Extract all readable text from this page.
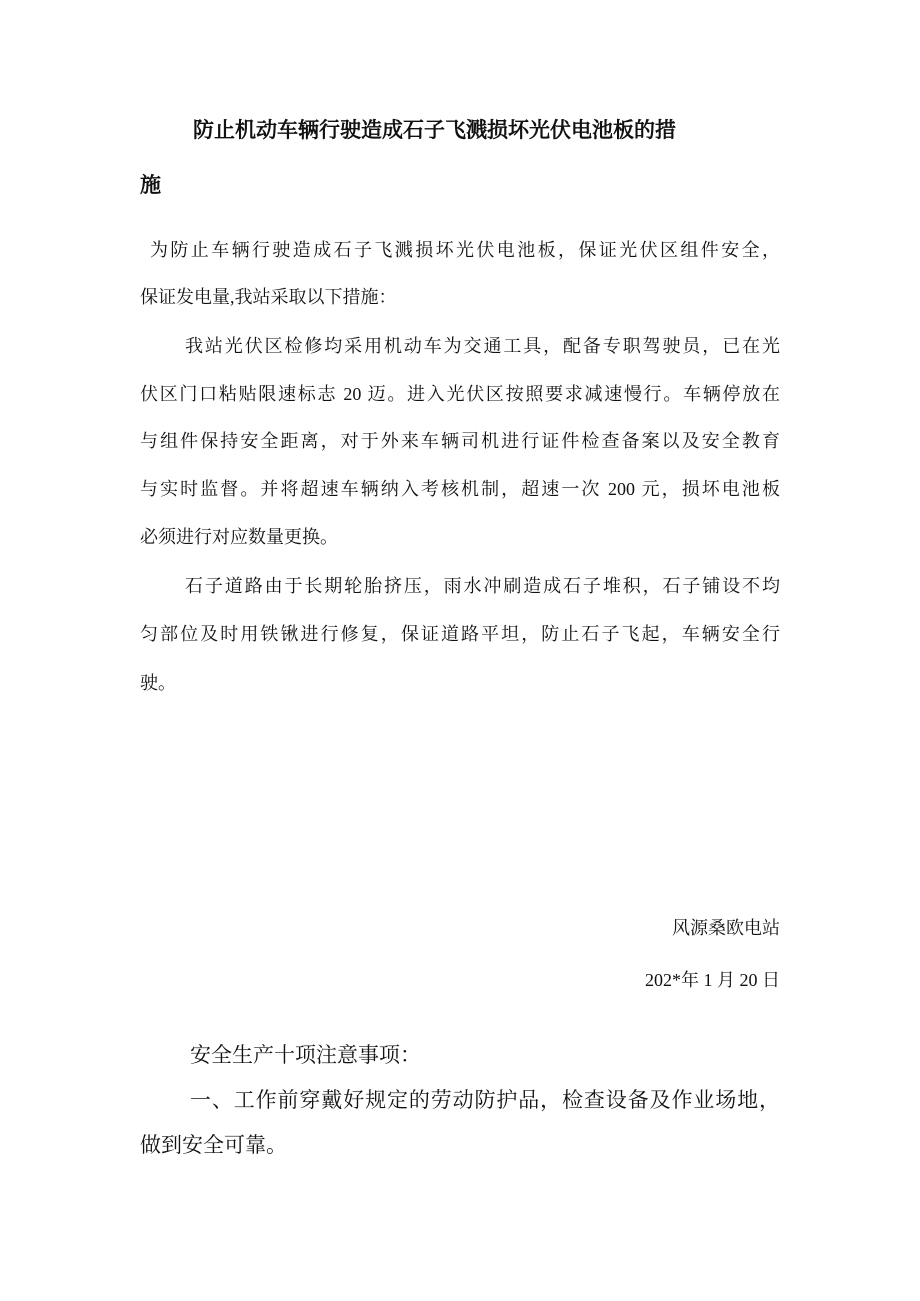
防止机动车辆行驶造成石子飞溅损坏光伏电池板的措
施
为防止车辆行驶造成石子飞溅损坏光伏电池板，保证光伏区组件安全，
保证发电量,我站采取以下措施：
我站光伏区检修均采用机动车为交通工具，配备专职驾驶员，已在光
伏区门口粘贴限速标志 20 迈。进入光伏区按照要求减速慢行。车辆停放在
与组件保持安全距离，对于外来车辆司机进行证件检查备案以及安全教育
与实时监督。并将超速车辆纳入考核机制，超速一次 200 元，损坏电池板
必须进行对应数量更换。
石子道路由于长期轮胎挤压，雨水冲刷造成石子堆积，石子铺设不均
匀部位及时用铁锹进行修复，保证道路平坦，防止石子飞起，车辆安全行
驶。
风源桑欧电站
202*年 1 月 20 日
安全生产十项注意事项：
一、工作前穿戴好规定的劳动防护品，检查设备及作业场地，
做到安全可靠。
